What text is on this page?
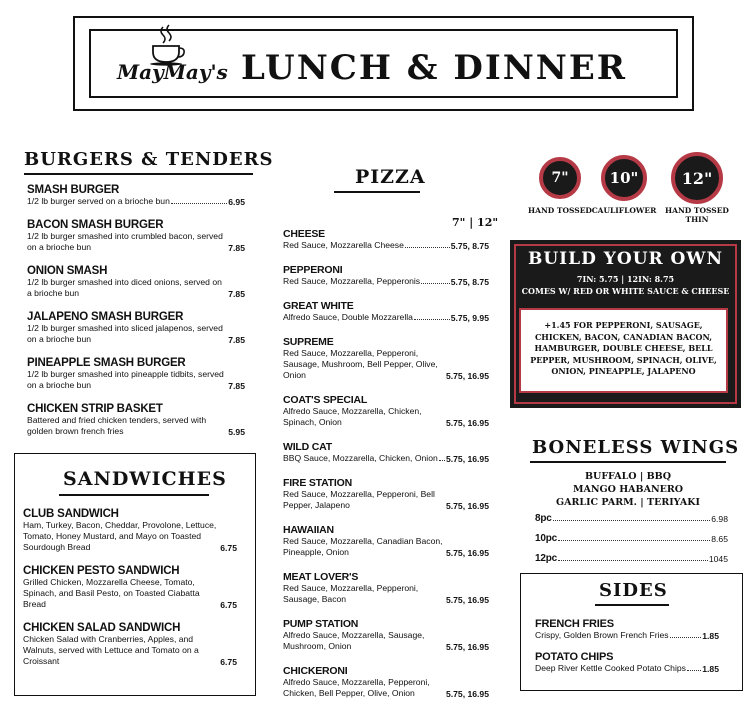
MayMay's LUNCH & DINNER
BURGERS & TENDERS
SMASH BURGER
1/2 lb burger served on a brioche bun	6.95
BACON SMASH BURGER
1/2 lb burger smashed into crumbled bacon, served on a brioche bun	7.85
ONION SMASH
1/2 lb burger smashed into diced onions, served on a brioche bun	7.85
JALAPENO SMASH BURGER
1/2 lb burger smashed into sliced jalapenos, served on a brioche bun	7.85
PINEAPPLE SMASH BURGER
1/2 lb burger smashed into pineapple tidbits, served on a brioche bun	7.85
CHICKEN STRIP BASKET
Battered and fried chicken tenders, served with golden brown french fries	5.95
SANDWICHES
CLUB SANDWICH
Ham, Turkey, Bacon, Cheddar, Provolone, Lettuce, Tomato, Honey Mustard, and Mayo on Toasted Sourdough Bread	6.75
CHICKEN PESTO SANDWICH
Grilled Chicken, Mozzarella Cheese, Tomato, Spinach, and Basil Pesto, on Toasted Ciabatta Bread	6.75
CHICKEN SALAD SANDWICH
Chicken Salad with Cranberries, Apples, and Walnuts, served with Lettuce and Tomato on a Croissant	6.75
PIZZA
7" | 12"
CHEESE
Red Sauce, Mozzarella Cheese	5.75, 8.75
PEPPERONI
Red Sauce, Mozzarella, Pepperonis	5.75, 8.75
GREAT WHITE
Alfredo Sauce, Double Mozzarella	5.75, 9.95
SUPREME
Red Sauce, Mozzarella, Pepperoni, Sausage, Mushroom, Bell Pepper, Olive, Onion	5.75, 16.95
COAT'S SPECIAL
Alfredo Sauce, Mozzarella, Chicken, Spinach, Onion	5.75, 16.95
WILD CAT
BBQ Sauce, Mozzarella, Chicken, Onion 5.75, 16.95
FIRE STATION
Red Sauce, Mozzarella, Pepperoni, Bell Pepper, Jalapeno	5.75, 16.95
HAWAIIAN
Red Sauce, Mozzarella, Canadian Bacon, Pineapple, Onion	5.75, 16.95
MEAT LOVER'S
Red Sauce, Mozzarella, Pepperoni, Sausage, Bacon	5.75, 16.95
PUMP STATION
Alfredo Sauce, Mozzarella, Sausage, Mushroom, Onion	5.75, 16.95
CHICKERONI
Alfredo Sauce, Mozzarella, Pepperoni, Chicken, Bell Pepper, Olive, Onion	5.75, 16.95
7"
HAND TOSSED
10"
CAULIFLOWER
12"
HAND TOSSED THIN
BUILD YOUR OWN
7IN: 5.75 | 12IN: 8.75
COMES W/ RED OR WHITE SAUCE & CHEESE
+1.45 FOR PEPPERONI, SAUSAGE, CHICKEN, BACON, CANADIAN BACON, HAMBURGER, DOUBLE CHEESE, BELL PEPPER, MUSHROOM, SPINACH, OLIVE, ONION, PINEAPPLE, JALAPENO
BONELESS WINGS
BUFFALO | BBQ
MANGO HABANERO
GARLIC PARM. | TERIYAKI
8pc	6.98
10pc	8.65
12pc	1045
SIDES
FRENCH FRIES
Crispy, Golden Brown French Fries	1.85
POTATO CHIPS
Deep River Kettle Cooked Potato Chips 1.85
